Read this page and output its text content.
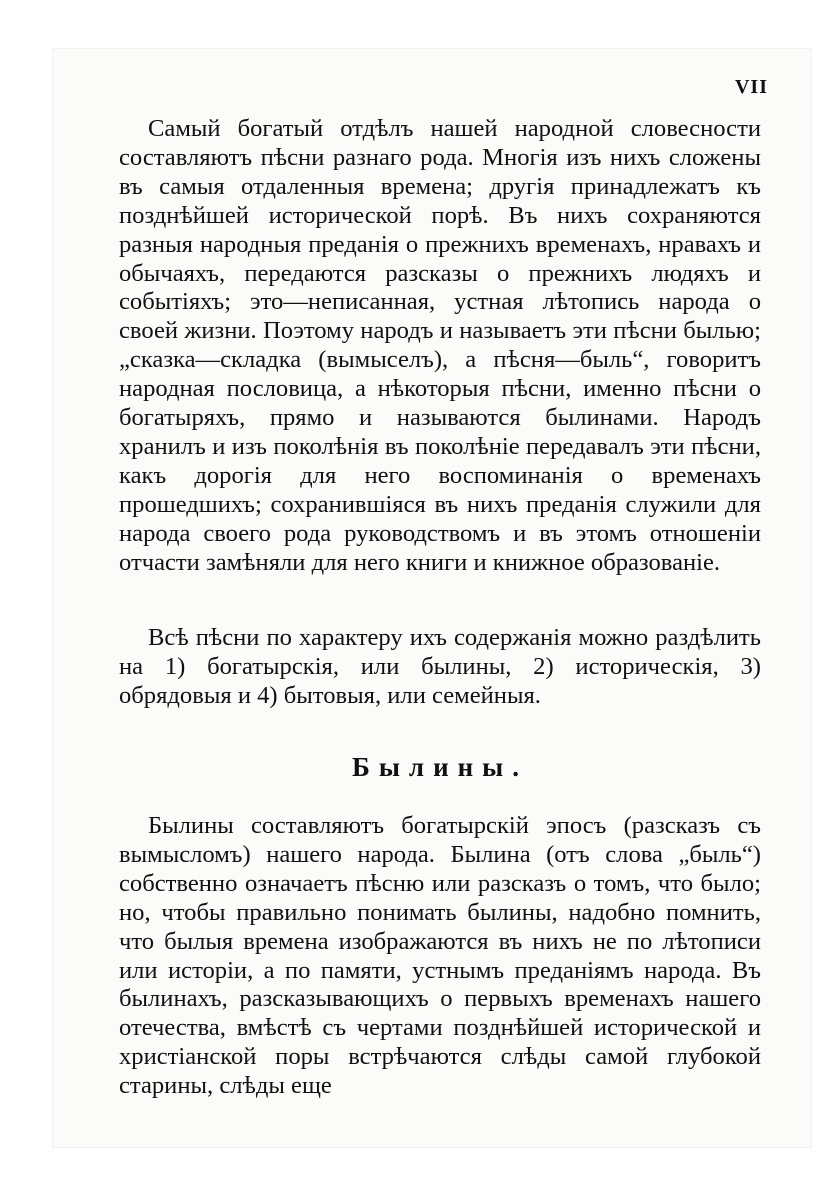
VII

Самый богатый отдѣлъ нашей народной словесности составляютъ пѣсни разнаго рода. Многія изъ нихъ сложены въ самыя отдаленныя времена; другія принадлежатъ къ позднѣйшей исторической порѣ. Въ нихъ сохраняются разныя народныя преданія о прежнихъ временахъ, нравахъ и обычаяхъ, передаются разсказы о прежнихъ людяхъ и событіяхъ; это—неписанная, устная лѣтопись народа о своей жизни. Поэтому народъ и называетъ эти пѣсни былью; „сказка—складка (вымыселъ), а пѣсня—быль“, говоритъ народная пословица, а нѣкоторыя пѣсни, именно пѣсни о богатыряхъ, прямо и называются былинами. Народъ хранилъ и изъ поколѣнія въ поколѣніе передавалъ эти пѣсни, какъ дорогія для него воспоминанія о временахъ прошедшихъ; сохранившіяся въ нихъ преданія служили для народа своего рода руководствомъ и въ этомъ отношеніи отчасти замѣняли для него книги и книжное образованіе.

Всѣ пѣсни по характеру ихъ содержанія можно раздѣлить на 1) богатырскія, или былины, 2) историческія, 3) обрядовыя и 4) бытовыя, или семейныя.

Былины.

Былины составляютъ богатырскій эпосъ (разсказъ съ вымысломъ) нашего народа. Былина (отъ слова „быль“) собственно означаетъ пѣсню или разсказъ о томъ, что было; но, чтобы правильно понимать былины, надобно помнить, что былыя времена изображаются въ нихъ не по лѣтописи или исторіи, а по памяти, устнымъ преданіямъ народа. Въ былинахъ, разсказывающихъ о первыхъ временахъ нашего отечества, вмѣстѣ съ чертами позднѣйшей исторической и христіанской поры встрѣчаются слѣды самой глубокой старины, слѣды еще
